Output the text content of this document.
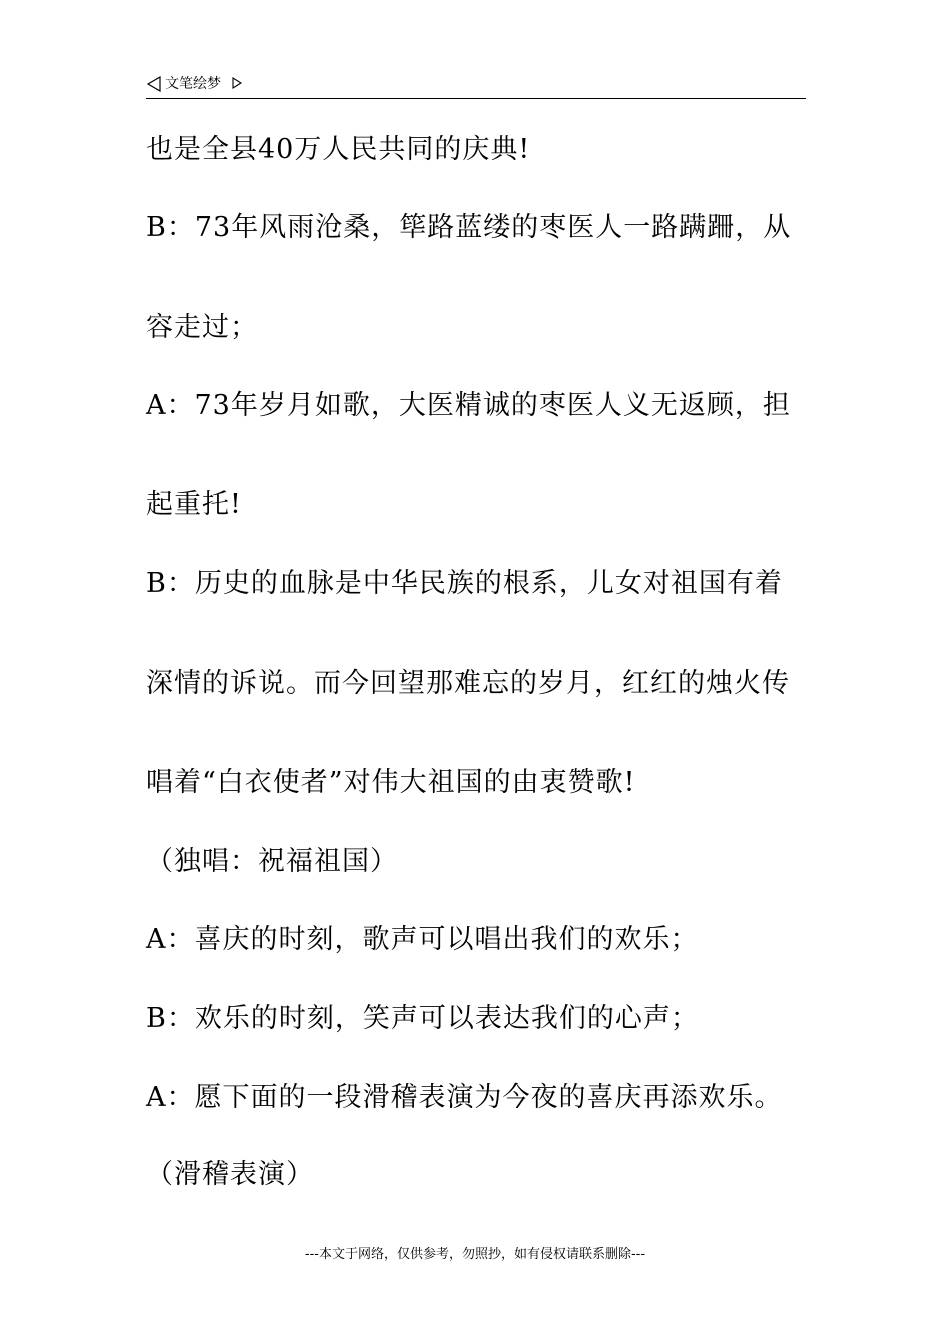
文笔绘梦
也是全县40万人民共同的庆典!
B：73年风雨沧桑，筚路蓝缕的枣医人一路蹒跚，从
容走过；
A：73年岁月如歌，大医精诚的枣医人义无返顾，担
起重托!
B：历史的血脉是中华民族的根系，儿女对祖国有着
深情的诉说。而今回望那难忘的岁月，红红的烛火传
唱着“白衣使者”对伟大祖国的由衷赞歌!
（独唱：祝福祖国）
A：喜庆的时刻，歌声可以唱出我们的欢乐；
B：欢乐的时刻，笑声可以表达我们的心声；
A：愿下面的一段滑稽表演为今夜的喜庆再添欢乐。
（滑稽表演）
---本文于网络，仅供参考，勿照抄，如有侵权请联系删除---
